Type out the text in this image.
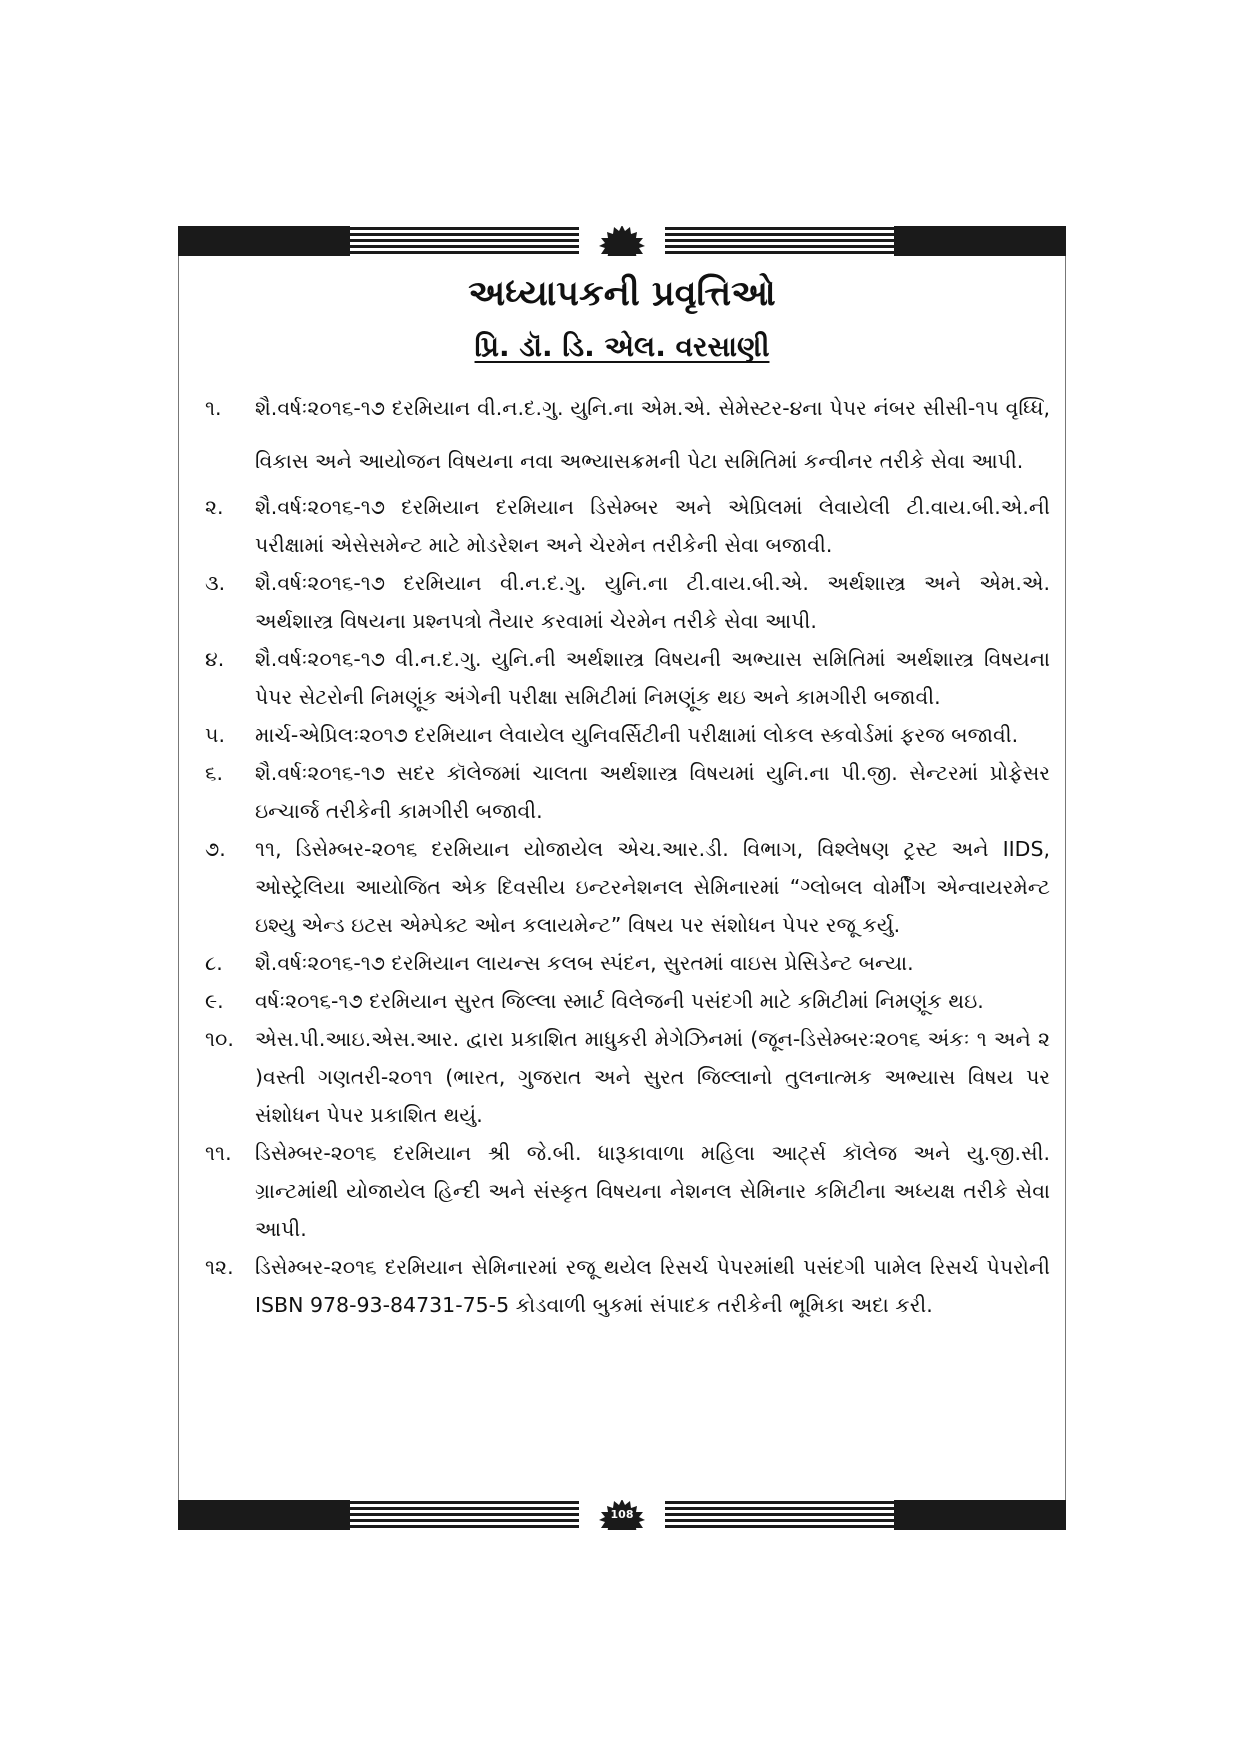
અધ્યાપકની પ્રવૃત્તિઓ
પ્રિ. ડૉ. ડિ. એલ. વરસાણી
૧. શૈ.વર્ષઃ૨૦૧૬-૧૭ દરમિયાન વી.ન.દ.ગુ. યુનિ.ના એમ.એ. સેમેસ્ટર-૪ના પેપર નંબર સીસી-૧૫ વૃધ્ધિ, વિકાસ અને આયોજન વિષયના નવા અભ્યાસક્રમની પેટા સમિતિમાં કન્વીનર તરીકે સેવા આપી.
૨. શૈ.વર્ષઃ૨૦૧૬-૧૭ દરમિયાન દરમિયાન ડિસેમ્બર અને એપ્રિલમાં લેવાયેલી ટી.વાય.બી.એ.ની પરીક્ષામાં એસેસમેન્ટ માટે મોડરેશન અને ચેરમેન તરીકેની સેવા બજાવી.
૩. શૈ.વર્ષઃ૨૦૧૬-૧૭ દરમિયાન વી.ન.દ.ગુ. યુનિ.ના ટી.વાય.બી.એ. અર્થશાસ્ત્ર અને એમ.એ. અર્થશાસ્ત્ર વિષયના પ્રશ્નપત્રો તૈયાર કરવામાં ચેરમેન તરીકે સેવા આપી.
૪. શૈ.વર્ષઃ૨૦૧૬-૧૭ વી.ન.દ.ગુ. યુનિ.ની અર્થશાસ્ત્ર વિષયની અભ્યાસ સમિતિમાં અર્થશાસ્ત્ર વિષયના પેપર સેટરોની નિમણૂંક અંગેની પરીક્ષા સમિટીમાં નિમણૂંક થઇ અને કામગીરી બજાવી.
૫. માર્ચ-એપ્રિલઃ૨૦૧૭ દરમિયાન લેવાયેલ યુનિવર્સિટીની પરીક્ષામાં લોકલ સ્કવોર્ડમાં ફરજ બજાવી.
૬. શૈ.વર્ષઃ૨૦૧૬-૧૭ સદર કૉલેજમાં ચાલતા અર્થશાસ્ત્ર વિષયમાં યુનિ.ના પી.જી. સેન્ટરમાં પ્રોફેસર ઇન્ચાર્જ તરીકેની કામગીરી બજાવી.
૭. ૧૧, ડિસેમ્બર-૨૦૧૬ દરમિયાન યોજાયેલ એચ.આર.ડી. વિભાગ, વિશ્લેષણ ટ્રસ્ટ અને IIDS, ઓસ્ટ્રેલિયા આયોજિત એક દિવસીય ઇન્ટરનેશનલ સેમિનારમાં “ગ્લોબલ વોર્મીંગ એન્વાયરમેન્ટ ઇશ્યુ એન્ડ ઇટસ એમ્પેક્ટ ઓન કલાયમેન્ટ” વિષય પર સંશોધન પેપર રજૂ કર્યુ.
૮. શૈ.વર્ષઃ૨૦૧૬-૧૭ દરમિયાન લાયન્સ કલબ સ્પંદન, સુરતમાં વાઇસ પ્રેસિડેન્ટ બન્યા.
૯. વર્ષઃ૨૦૧૬-૧૭ દરમિયાન સુરત જિલ્લા સ્માર્ટ વિલેજની પસંદગી માટે કમિટીમાં નિમણૂંક થઇ.
૧૦. એસ.પી.આઇ.એસ.આર. દ્વારા પ્રકાશિત માધુકરી મેગેઝિનમાં (જૂન-ડિસેમ્બરઃ૨૦૧૬ અંકઃ ૧ અને ૨ )વસ્તી ગણતરી-૨૦૧૧ (ભારત, ગુજરાત અને સુરત જિલ્લાનો તુલનાત્મક અભ્યાસ વિષય પર સંશોધન પેપર પ્રકાશિત થયું.
૧૧. ડિસેમ્બર-૨૦૧૬ દરમિયાન શ્રી જે.બી. ધારૂકાવાળા મહિલા આર્ટ્સ કૉલેજ અને યુ.જી.સી. ગ્રાન્ટમાંથી યોજાયેલ હિન્દી અને સંસ્કૃત વિષયના નેશનલ સેમિનાર કમિટીના અધ્યક્ષ તરીકે સેવા આપી.
૧૨. ડિસેમ્બર-૨૦૧૬ દરમિયાન સેમિનારમાં રજૂ થયેલ રિસર્ચ પેપરમાંથી પસંદગી પામેલ રિસર્ચ પેપરોની ISBN 978-93-84731-75-5 કોડવાળી બુકમાં સંપાદક તરીકેની ભૂમિકા અદા કરી.
108
